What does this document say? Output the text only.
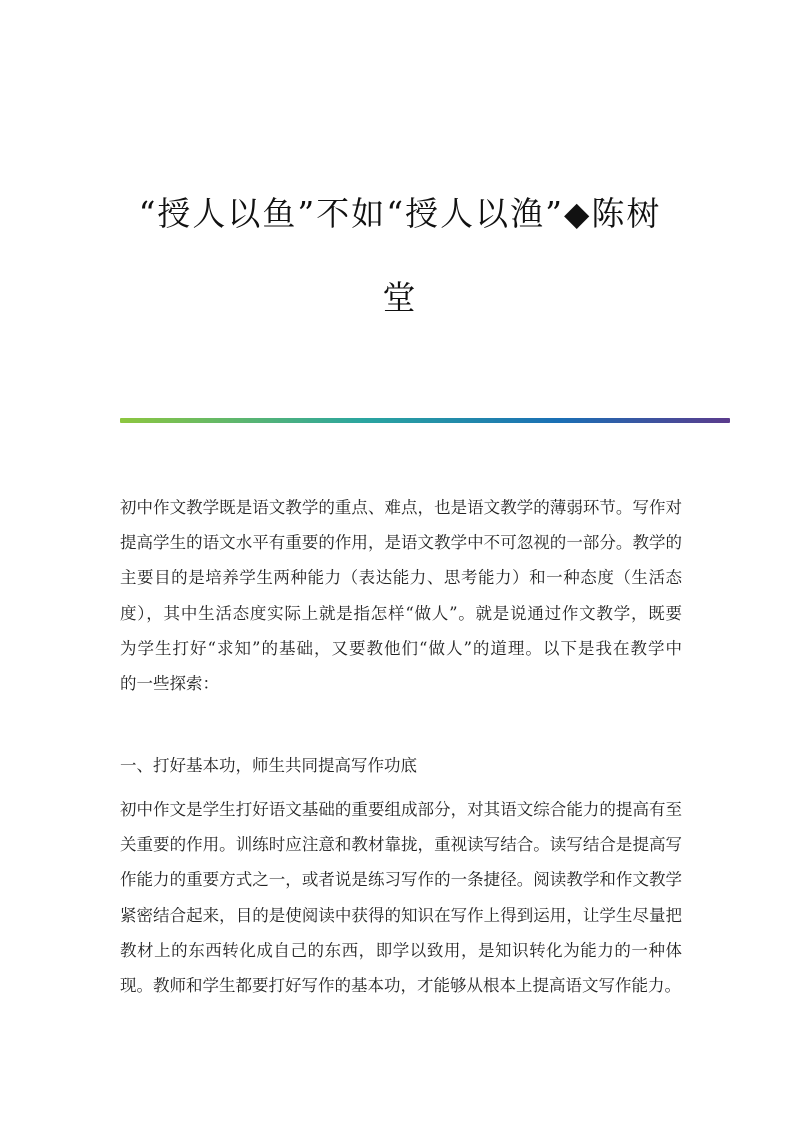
“授人以鱼”不如“授人以渔”◆陈树
堂
初中作文教学既是语文教学的重点、难点，也是语文教学的薄弱环节。写作对
提高学生的语文水平有重要的作用，是语文教学中不可忽视的一部分。教学的
主要目的是培养学生两种能力（表达能力、思考能力）和一种态度（生活态
度），其中生活态度实际上就是指怎样“做人”。就是说通过作文教学，既要
为学生打好“求知”的基础，又要教他们“做人”的道理。以下是我在教学中
的一些探索：
一、打好基本功，师生共同提高写作功底
初中作文是学生打好语文基础的重要组成部分，对其语文综合能力的提高有至
关重要的作用。训练时应注意和教材靠拢，重视读写结合。读写结合是提高写
作能力的重要方式之一，或者说是练习写作的一条捷径。阅读教学和作文教学
紧密结合起来，目的是使阅读中获得的知识在写作上得到运用，让学生尽量把
教材上的东西转化成自己的东西，即学以致用，是知识转化为能力的一种体
现。教师和学生都要打好写作的基本功，才能够从根本上提高语文写作能力。
